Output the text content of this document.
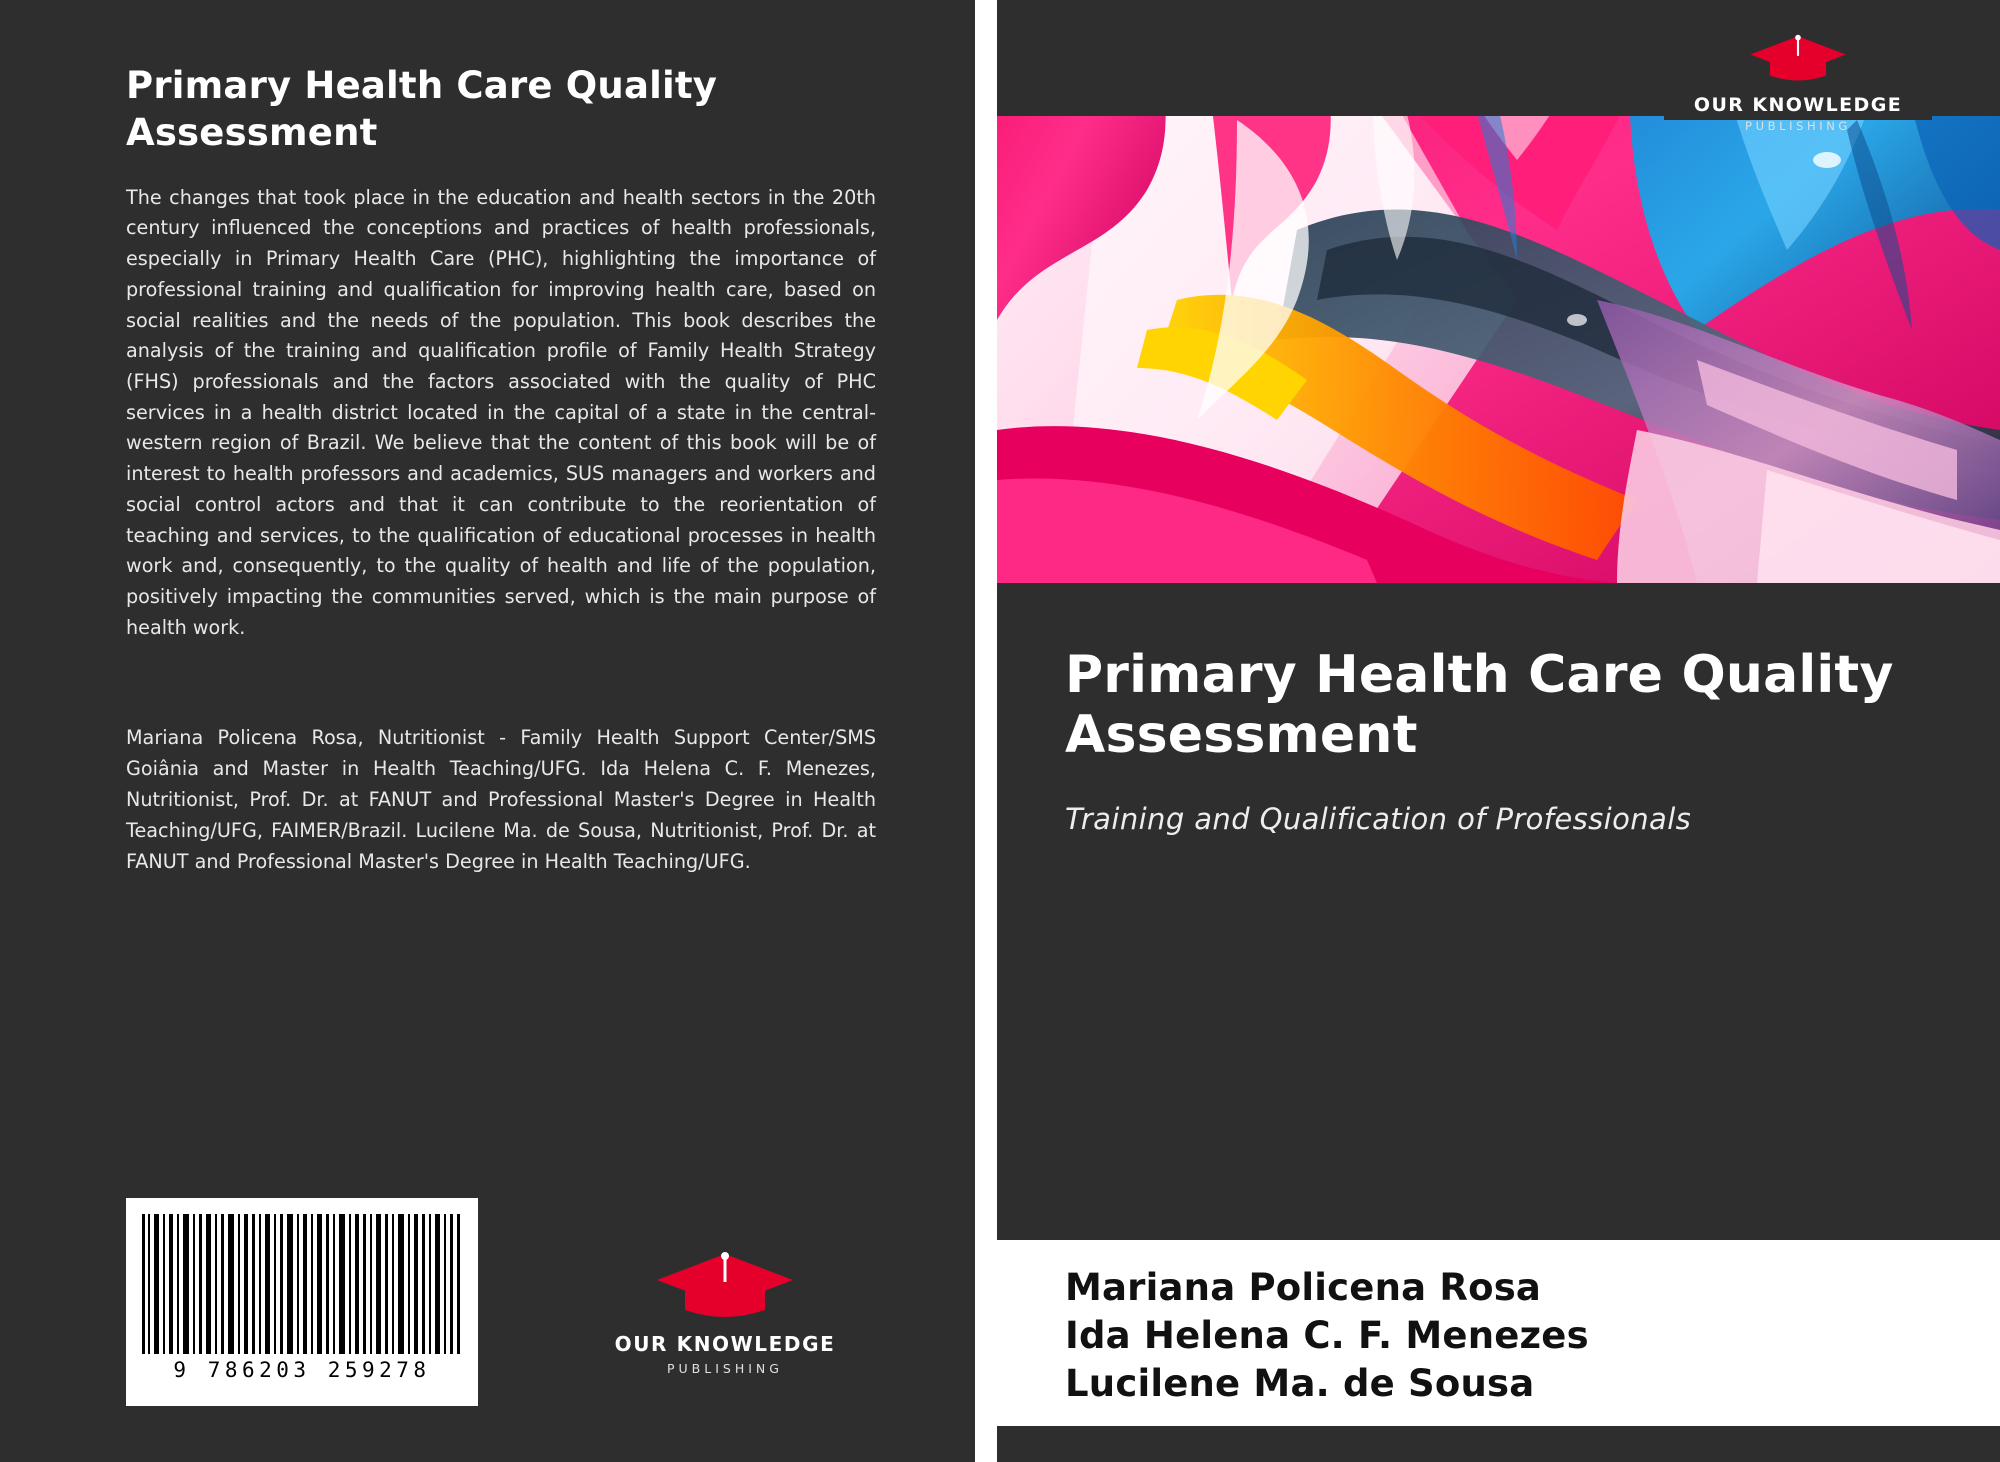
Primary Health Care Quality Assessment

The changes that took place in the education and health sectors in the 20th century influenced the conceptions and practices of health professionals, especially in Primary Health Care (PHC), highlighting the importance of professional training and qualification for improving health care, based on social realities and the needs of the population. This book describes the analysis of the training and qualification profile of Family Health Strategy (FHS) professionals and the factors associated with the quality of PHC services in a health district located in the capital of a state in the central-western region of Brazil. We believe that the content of this book will be of interest to health professors and academics, SUS managers and workers and social control actors and that it can contribute to the reorientation of teaching and services, to the qualification of educational processes in health work and, consequently, to the quality of health and life of the population, positively impacting the communities served, which is the main purpose of health work.

Mariana Policena Rosa, Nutritionist - Family Health Support Center/SMS Goiânia and Master in Health Teaching/UFG. Ida Helena C. F. Menezes, Nutritionist, Prof. Dr. at FANUT and Professional Master's Degree in Health Teaching/UFG, FAIMER/Brazil. Lucilene Ma. de Sousa, Nutritionist, Prof. Dr. at FANUT and Professional Master's Degree in Health Teaching/UFG.

9 786203 259278
OUR KNOWLEDGE
PUBLISHING
OUR KNOWLEDGE
PUBLISHING
Primary Health Care Quality Assessment
Training and Qualification of Professionals
Mariana Policena Rosa
Ida Helena C. F. Menezes
Lucilene Ma. de Sousa
